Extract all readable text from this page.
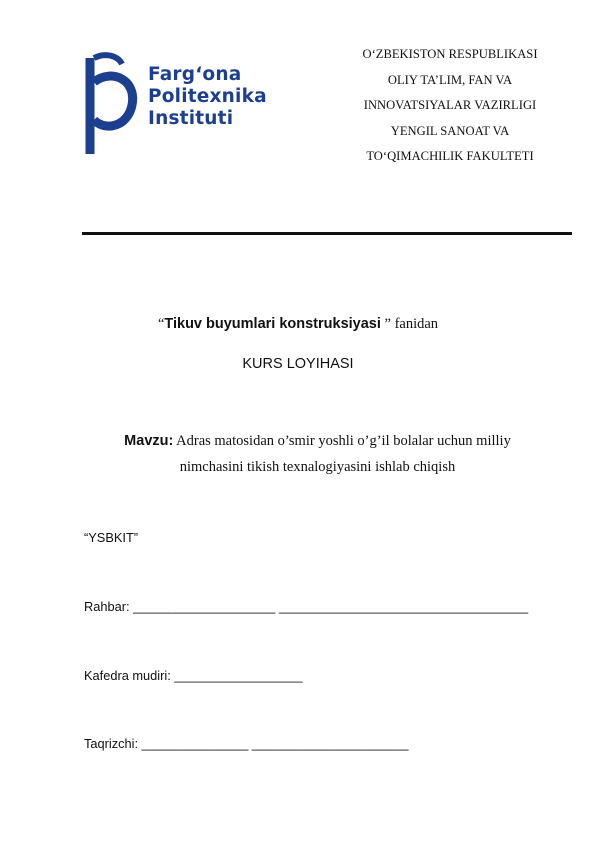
Farg‘ona
Politexnika
Instituti
O‘ZBEKISTON RESPUBLIKASI
OLIY TA’LIM, FAN VA
INNOVATSIYALAR VAZIRLIGI
YENGIL SANOAT VA
TO‘QIMACHILIK FAKULTETI
“Tikuv buyumlari konstruksiyasi ” fanidan
KURS LOYIHASI
Mavzu: Adras matosidan o’smir yoshli o’g’il bolalar uchun milliy nimchasini tikish texnalogiyasini ishlab chiqish
“YSBKIT”
Rahbar: ____________________ ___________________________________
Kafedra mudiri: __________________
Taqrizchi: _______________ ______________________
